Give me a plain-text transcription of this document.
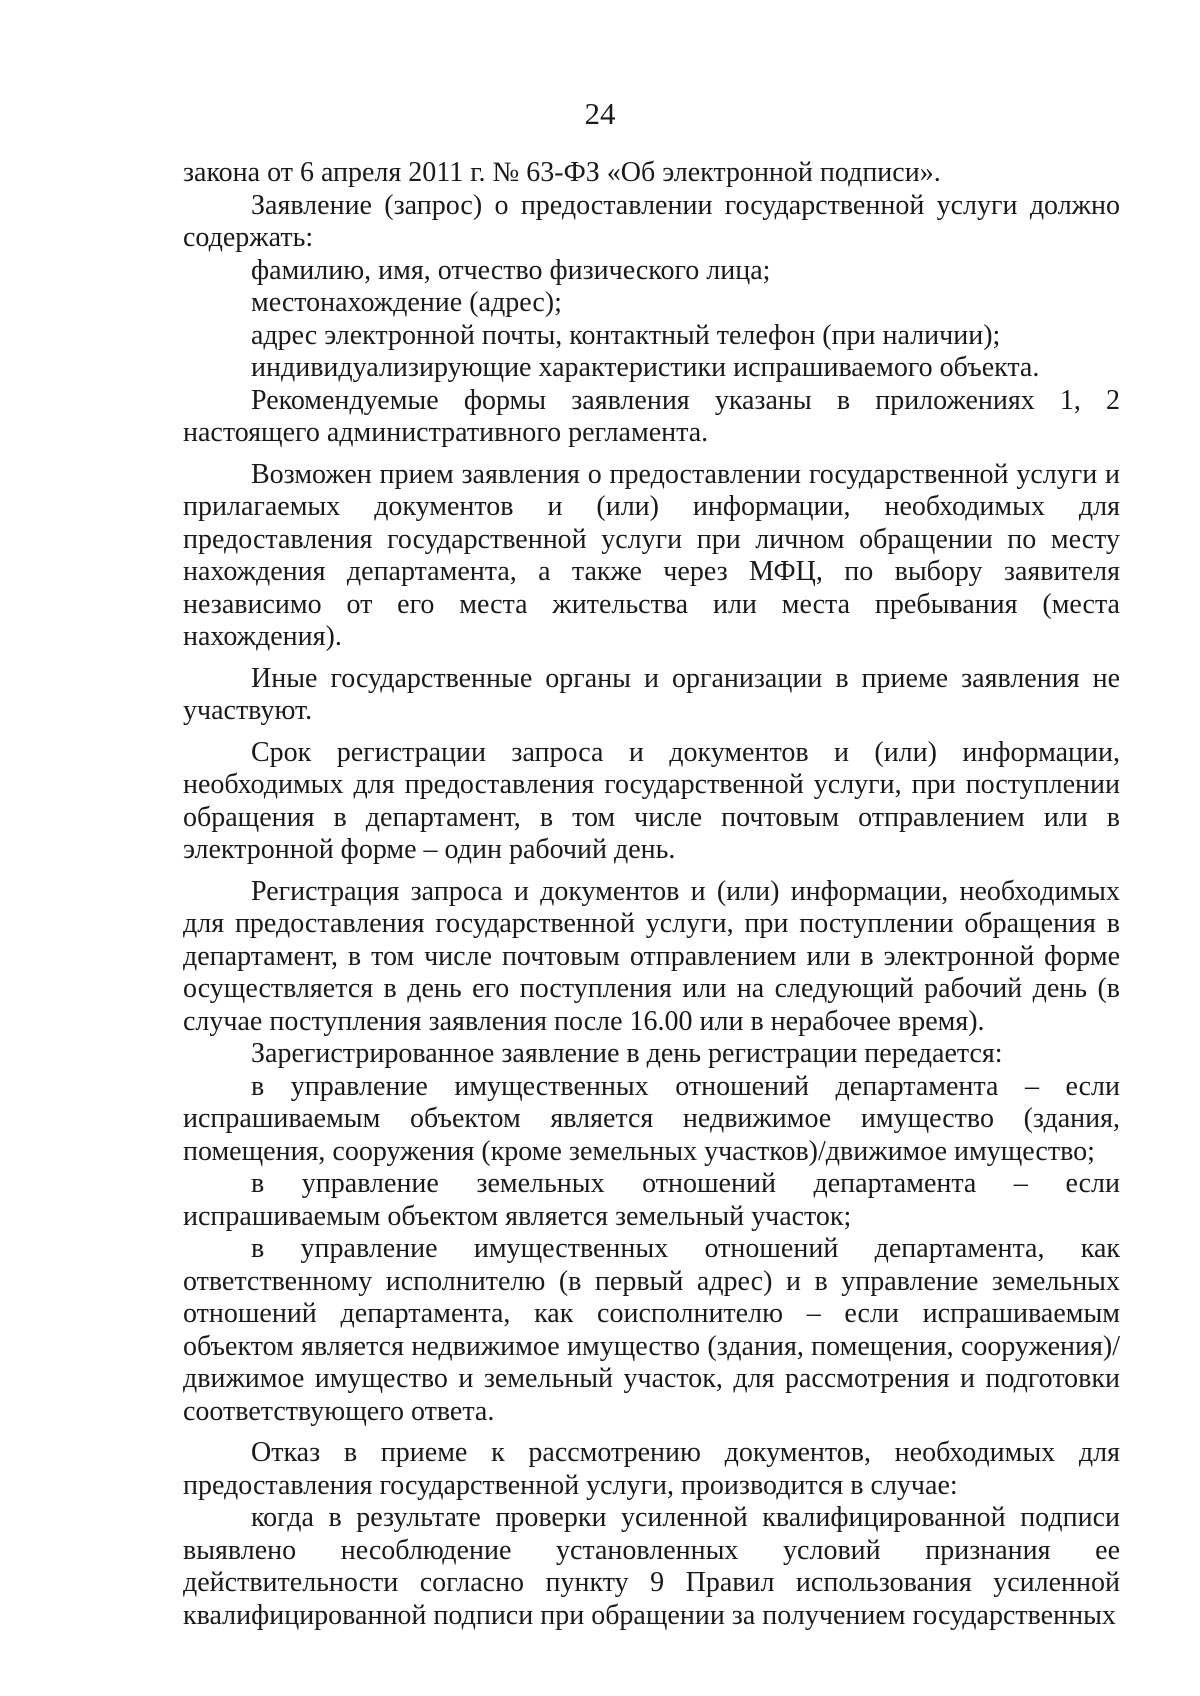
24

закона от 6 апреля 2011 г. № 63-ФЗ «Об электронной подписи».

Заявление (запрос) о предоставлении государственной услуги должно содержать:

фамилию, имя, отчество физического лица;

местонахождение (адрес);

адрес электронной почты, контактный телефон (при наличии);

индивидуализирующие характеристики испрашиваемого объекта.

Рекомендуемые формы заявления указаны в приложениях 1, 2 настоящего административного регламента.

Возможен прием заявления о предоставлении государственной услуги и прилагаемых документов и (или) информации, необходимых для предоставления государственной услуги при личном обращении по месту нахождения департамента, а также через МФЦ, по выбору заявителя независимо от его места жительства или места пребывания (места нахождения).

Иные государственные органы и организации в приеме заявления не участвуют.

Срок регистрации запроса и документов и (или) информации, необходимых для предоставления государственной услуги, при поступлении обращения в департамент, в том числе почтовым отправлением или в электронной форме – один рабочий день.

Регистрация запроса и документов и (или) информации, необходимых для предоставления государственной услуги, при поступлении обращения в департамент, в том числе почтовым отправлением или в электронной форме осуществляется в день его поступления или на следующий рабочий день (в случае поступления заявления после 16.00 или в нерабочее время).

Зарегистрированное заявление в день регистрации передается:

в управление имущественных отношений департамента – если испрашиваемым объектом является недвижимое имущество (здания, помещения, сооружения (кроме земельных участков)/движимое имущество;

в управление земельных отношений департамента – если испрашиваемым объектом является земельный участок;

в управление имущественных отношений департамента, как ответственному исполнителю (в первый адрес) и в управление земельных отношений департамента, как соисполнителю – если испрашиваемым объектом является недвижимое имущество (здания, помещения, сооружения)/ движимое имущество и земельный участок, для рассмотрения и подготовки соответствующего ответа.

Отказ в приеме к рассмотрению документов, необходимых для предоставления государственной услуги, производится в случае:

когда в результате проверки усиленной квалифицированной подписи выявлено несоблюдение установленных условий признания ее действительности согласно пункту 9 Правил использования усиленной квалифицированной подписи при обращении за получением государственных
